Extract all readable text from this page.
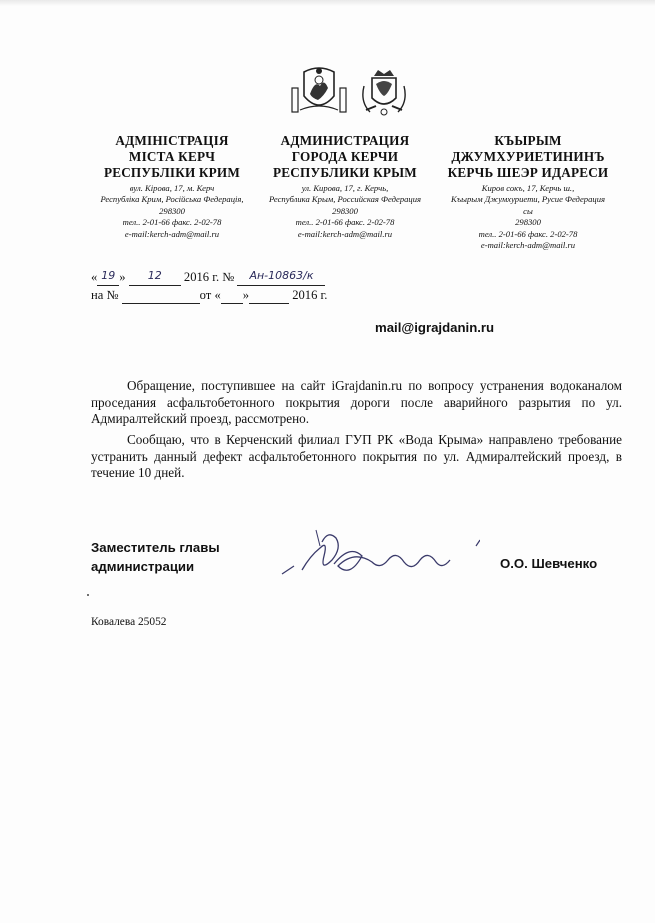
АДМІНІСТРАЦІЯ
МІСТА КЕРЧ
РЕСПУБЛІКИ КРИМ
вул. Кірова, 17, м. Керч
Республіка Крим, Російська Федерація,
298300
тел.. 2-01-66 факс. 2-02-78
e-mail:kerch-adm@mail.ru
АДМИНИСТРАЦИЯ
ГОРОДА КЕРЧИ
РЕСПУБЛИКИ КРЫМ
ул. Кирова, 17, г. Керчь,
Республика Крым, Российская Федерация
298300
тел.. 2-01-66 факс. 2-02-78
e-mail:kerch-adm@mail.ru
КЪЫРЫМ
ДЖУМХУРИЕТИНИНЪ
КЕРЧЬ ШЕЭР ИДАРЕСИ
Киров сокъ, 17, Керчь ш.,
Къырым Джумхуриети, Русие Федерация
сы
298300
тел.. 2-01-66 факс. 2-02-78
e-mail:kerch-adm@mail.ru
« 19 » 12 2016 г. № Ан-10863/к
на №	от « »	2016 г.
mail@igrajdanin.ru
Обращение, поступившее на сайт iGrajdanin.ru по вопросу устранения водоканалом проседания асфальтобетонного покрытия дороги после аварийного разрытия по ул. Адмиралтейский проезд, рассмотрено.
Сообщаю, что в Керченский филиал ГУП РК «Вода Крыма» направлено требование устранить данный дефект асфальтобетонного покрытия по ул. Адмиралтейский проезд, в течение 10 дней.
Заместитель главы
администрации	О.О. Шевченко
Ковалева 25052
